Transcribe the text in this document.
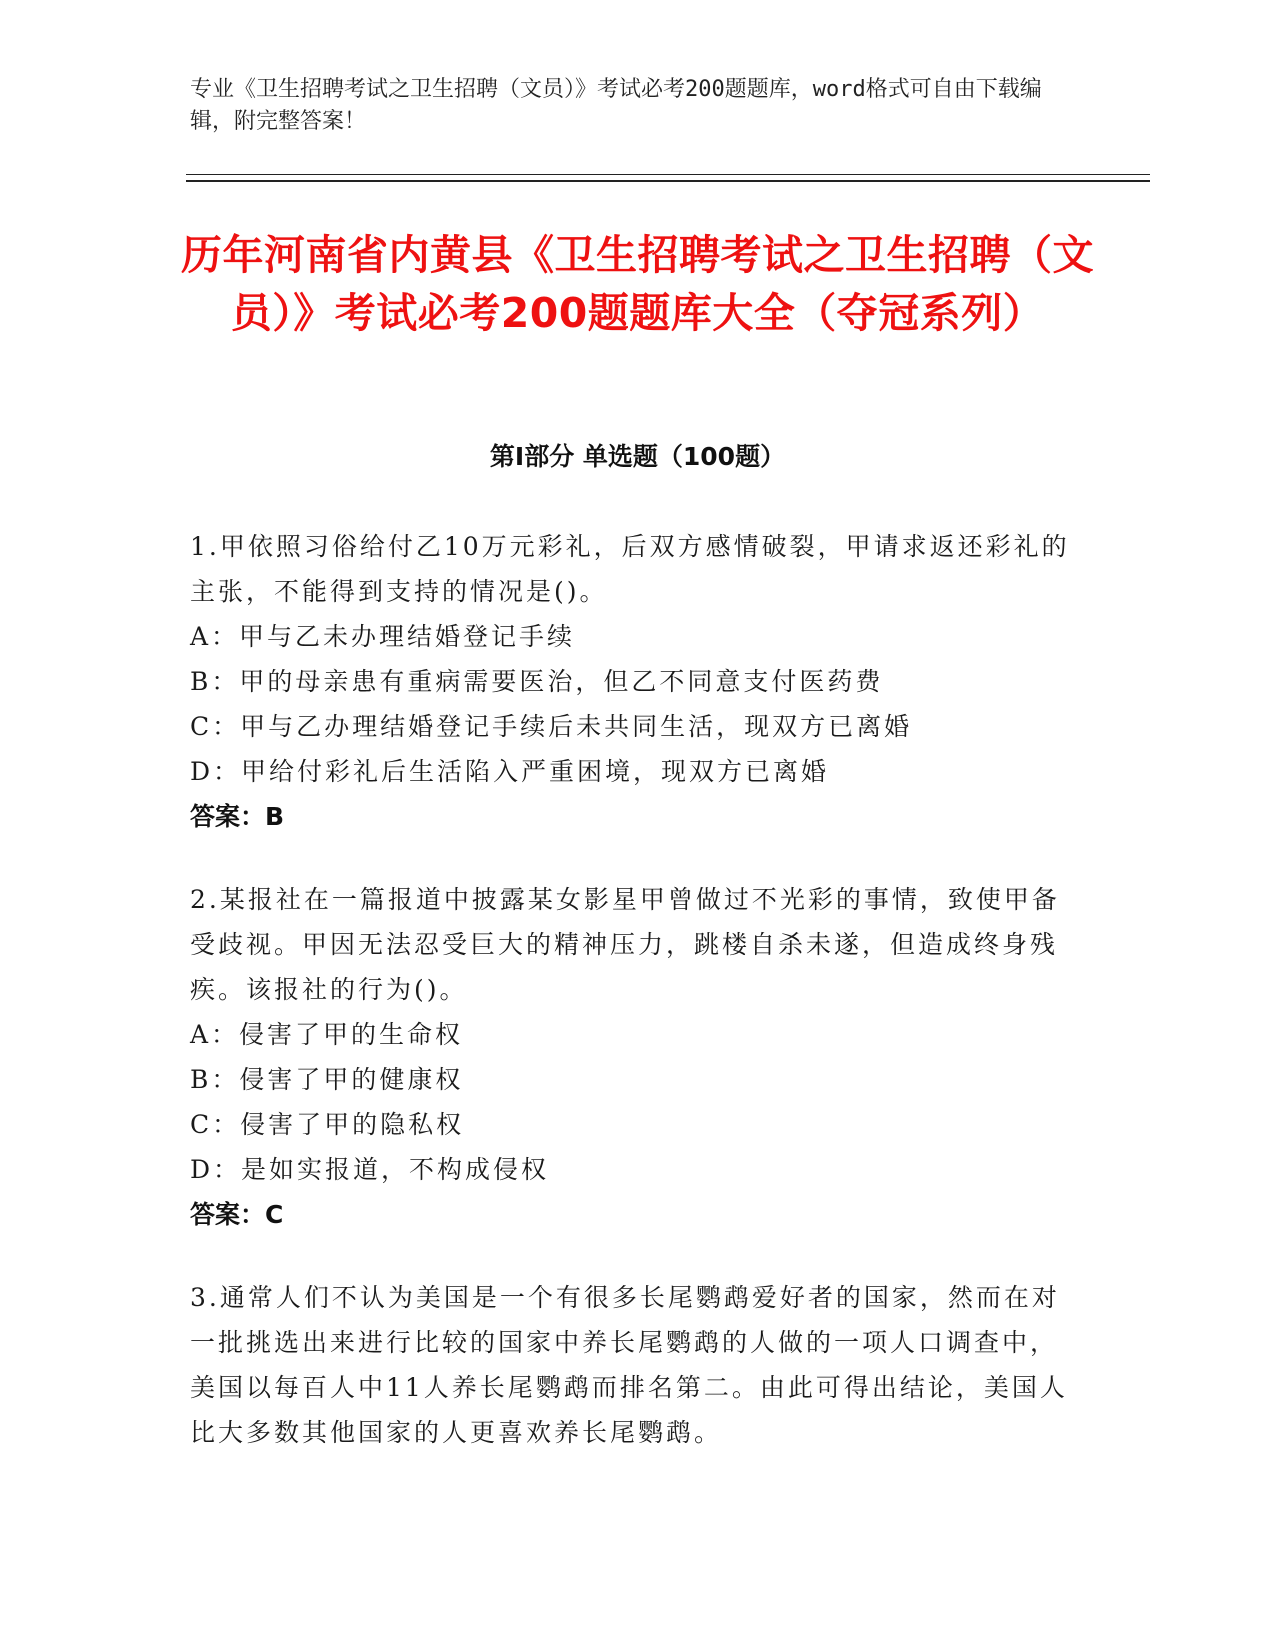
专业《卫生招聘考试之卫生招聘（文员）》考试必考200题题库，word格式可自由下载编辑，附完整答案！
历年河南省内黄县《卫生招聘考试之卫生招聘（文员）》考试必考200题题库大全（夺冠系列）
第Ⅰ部分 单选题（100题）

1.甲依照习俗给付乙10万元彩礼，后双方感情破裂，甲请求返还彩礼的主张，不能得到支持的情况是()。

A：甲与乙未办理结婚登记手续

B：甲的母亲患有重病需要医治，但乙不同意支付医药费

C：甲与乙办理结婚登记手续后未共同生活，现双方已离婚

D：甲给付彩礼后生活陷入严重困境，现双方已离婚

答案：B

2.某报社在一篇报道中披露某女影星甲曾做过不光彩的事情，致使甲备受歧视。甲因无法忍受巨大的精神压力，跳楼自杀未遂，但造成终身残疾。该报社的行为()。

A：侵害了甲的生命权

B：侵害了甲的健康权

C：侵害了甲的隐私权

D：是如实报道，不构成侵权

答案：C

3.通常人们不认为美国是一个有很多长尾鹦鹉爱好者的国家，然而在对一批挑选出来进行比较的国家中养长尾鹦鹉的人做的一项人口调查中，美国以每百人中11人养长尾鹦鹉而排名第二。由此可得出结论，美国人比大多数其他国家的人更喜欢养长尾鹦鹉。
